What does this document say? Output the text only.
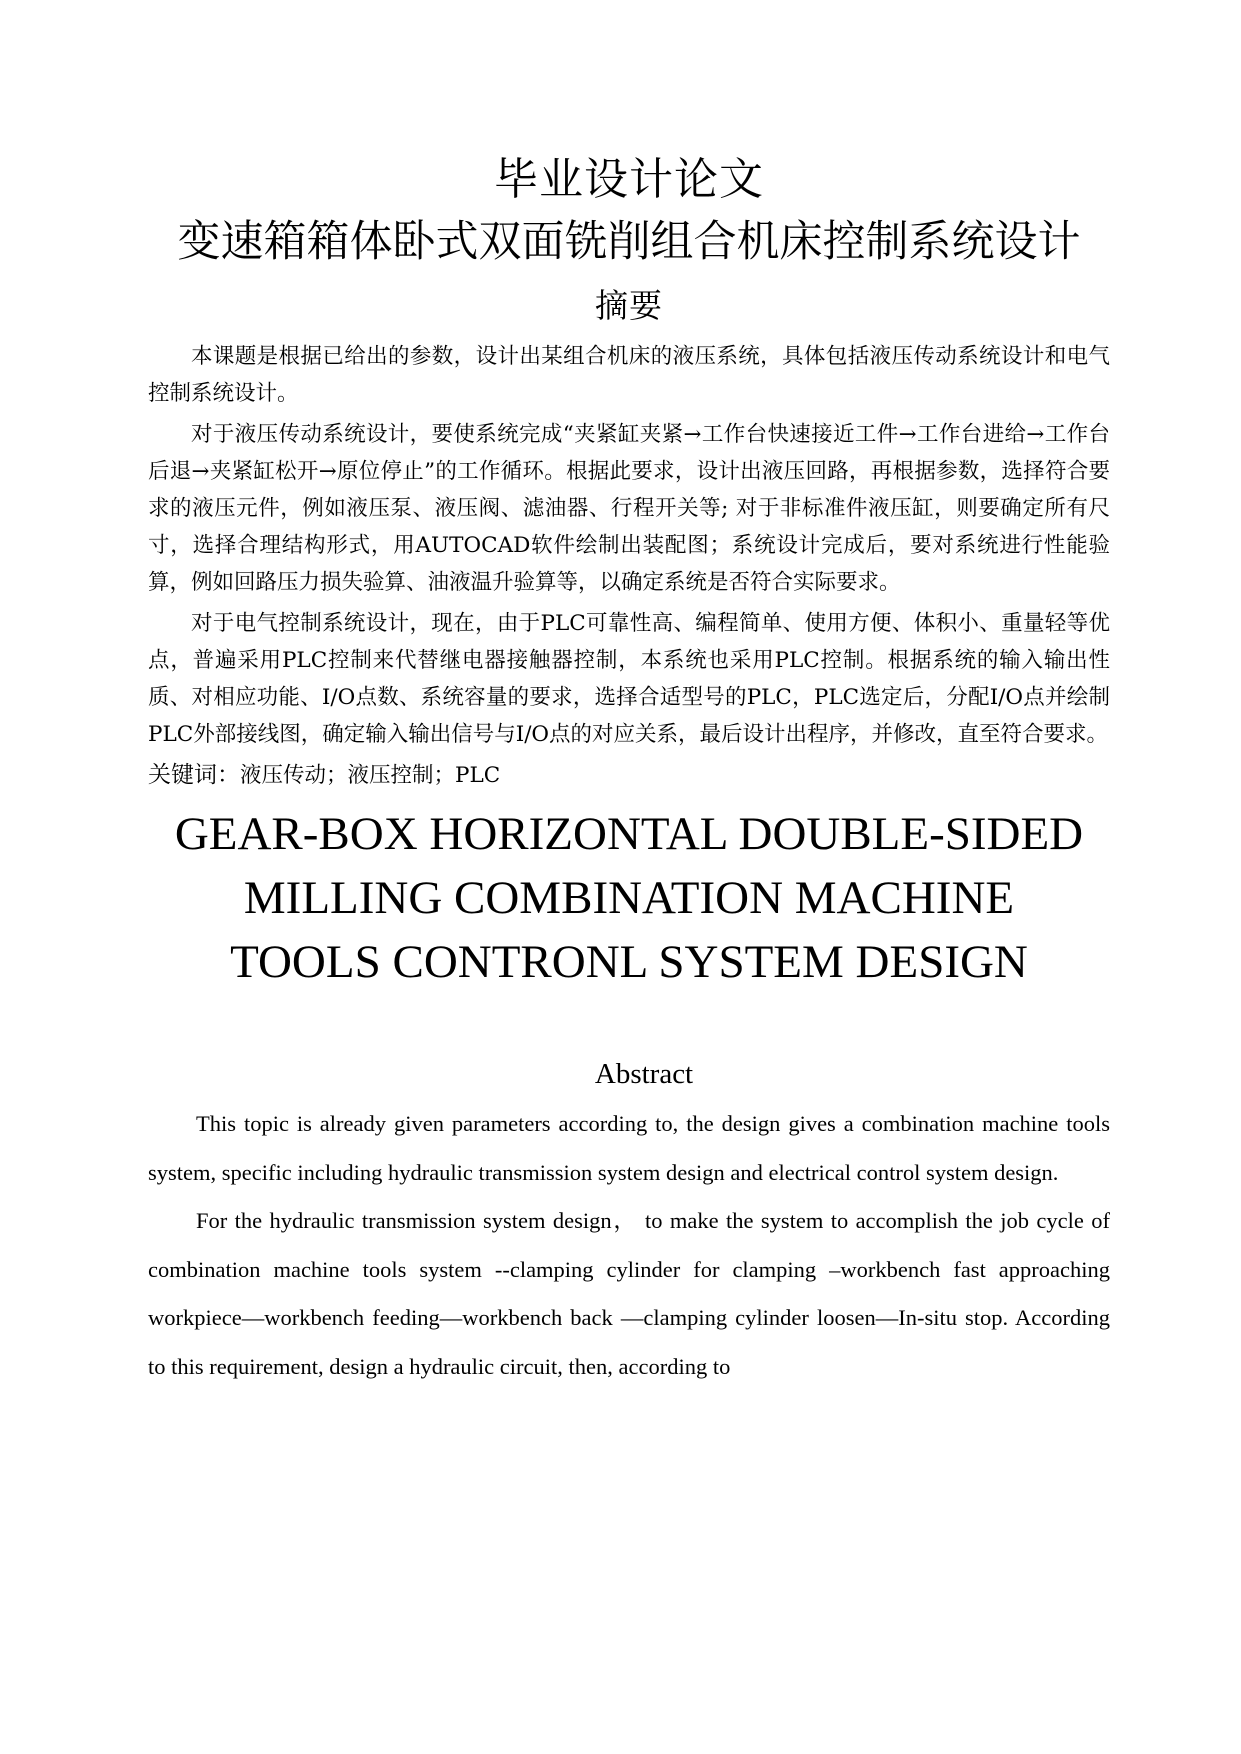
毕业设计论文
变速箱箱体卧式双面铣削组合机床控制系统设计
摘要

本课题是根据已给出的参数，设计出某组合机床的液压系统，具体包括液压传动系统设计和电气控制系统设计。

对于液压传动系统设计，要使系统完成“夹紧缸夹紧→工作台快速接近工件→工作台进给→工作台后退→夹紧缸松开→原位停止”的工作循环。根据此要求，设计出液压回路，再根据参数，选择符合要求的液压元件，例如液压泵、液压阀、滤油器、行程开关等; 对于非标准件液压缸，则要确定所有尺寸，选择合理结构形式，用AUTOCAD软件绘制出装配图；系统设计完成后，要对系统进行性能验算，例如回路压力损失验算、油液温升验算等，以确定系统是否符合实际要求。

对于电气控制系统设计，现在，由于PLC可靠性高、编程简单、使用方便、体积小、重量轻等优点，普遍采用PLC控制来代替继电器接触器控制，本系统也采用PLC控制。根据系统的输入输出性质、对相应功能、I/O点数、系统容量的要求，选择合适型号的PLC，PLC选定后，分配I/O点并绘制PLC外部接线图，确定输入输出信号与I/O点的对应关系，最后设计出程序，并修改，直至符合要求。

关键词：液压传动；液压控制；PLC
GEAR-BOX HORIZONTAL DOUBLE-SIDED
MILLING COMBINATION MACHINE
TOOLS CONTRONL SYSTEM DESIGN
Abstract

This topic is already given parameters according to, the design gives a combination machine tools system, specific including hydraulic transmission system design and electrical control system design.

For the hydraulic transmission system design， to make the system to accomplish the job cycle of combination machine tools system --clamping cylinder for clamping –workbench fast approaching workpiece—workbench feeding—workbench back —clamping cylinder loosen—In-situ stop. According to this requirement, design a hydraulic circuit, then, according to
